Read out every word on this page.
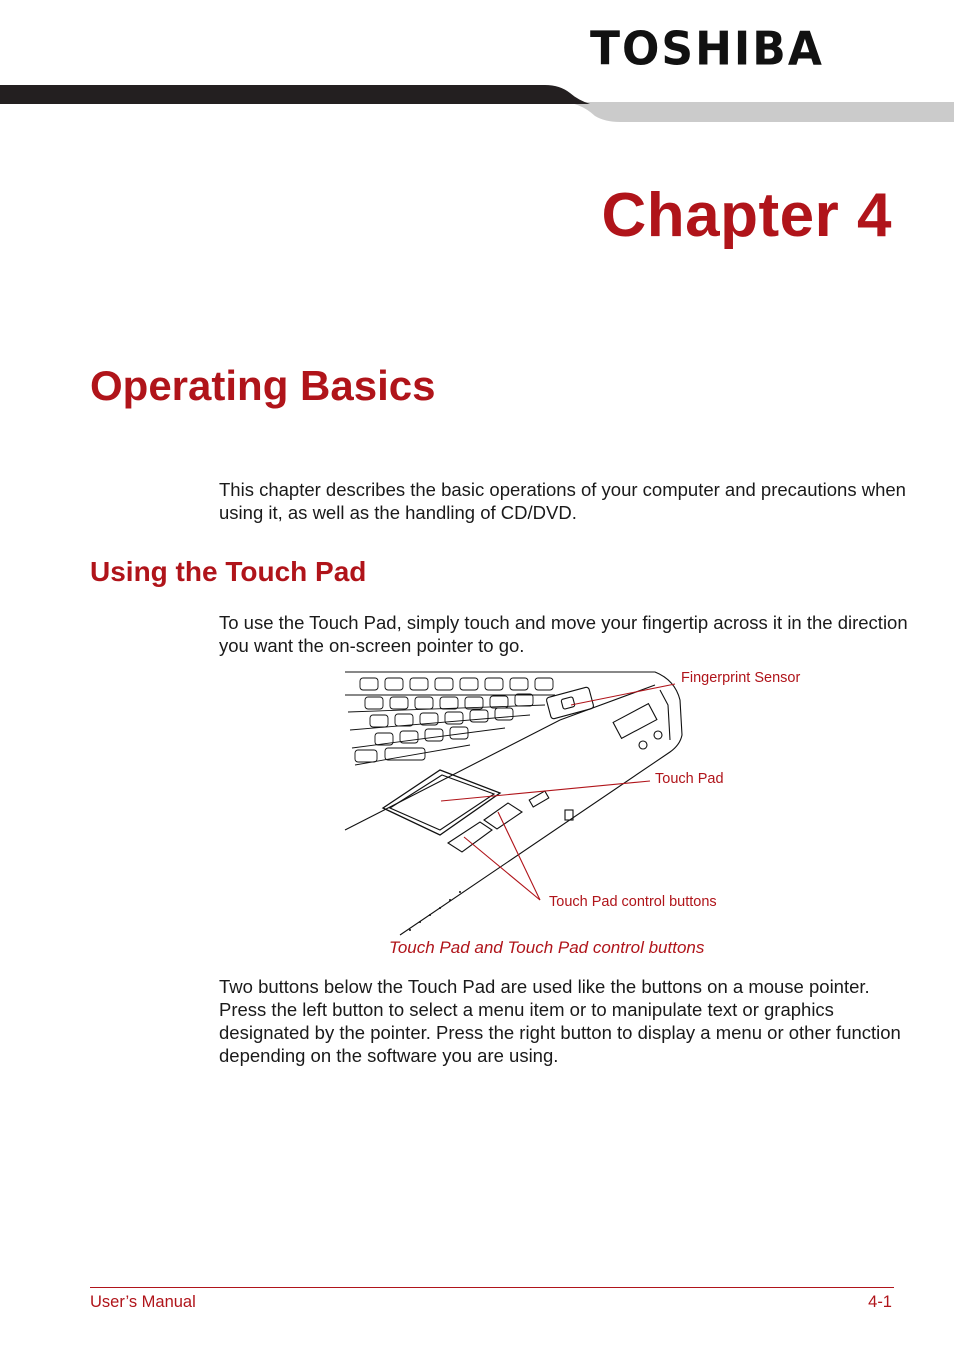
TOSHIBA
Chapter 4
Operating Basics
This chapter describes the basic operations of your computer and precautions when using it, as well as the handling of CD/DVD.
Using the Touch Pad
To use the Touch Pad, simply touch and move your fingertip across it in the direction you want the on-screen pointer to go.
Fingerprint Sensor
Touch Pad
Touch Pad control buttons
Touch Pad and Touch Pad control buttons
Two buttons below the Touch Pad are used like the buttons on a mouse pointer. Press the left button to select a menu item or to manipulate text or graphics designated by the pointer. Press the right button to display a menu or other function depending on the software you are using.
User’s Manual	4-1
